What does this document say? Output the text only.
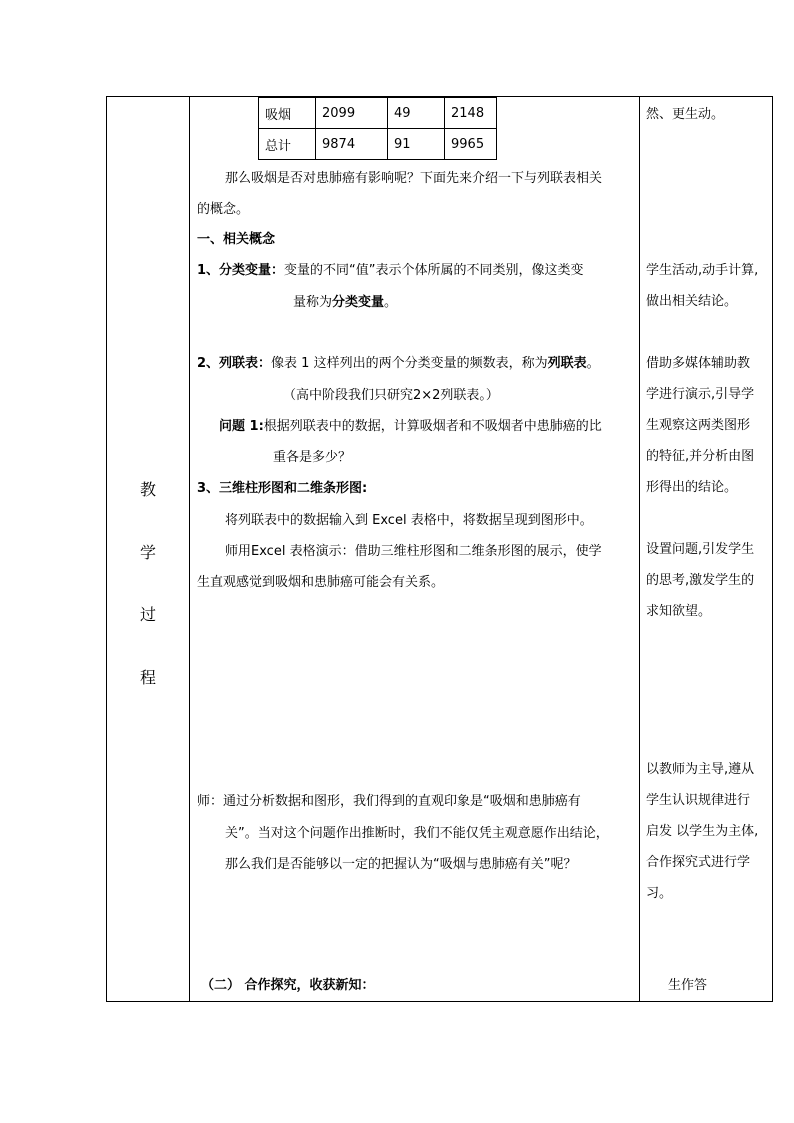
教
学
过
程
吸烟	2099	49	2148
总计	9874	91	9965
那么吸烟是否对患肺癌有影响呢？下面先来介绍一下与列联表相关
的概念。
一、相关概念
1、分类变量：变量的不同“值”表示个体所属的不同类别，像这类变
量称为分类变量。
2、列联表：像表 1 这样列出的两个分类变量的频数表，称为列联表。
（高中阶段我们只研究2×2列联表。）
问题 1:根据列联表中的数据，计算吸烟者和不吸烟者中患肺癌的比
重各是多少？
3、三维柱形图和二维条形图:
将列联表中的数据输入到 Excel 表格中，将数据呈现到图形中。
师用Excel 表格演示：借助三维柱形图和二维条形图的展示，使学
生直观感觉到吸烟和患肺癌可能会有关系。
师：通过分析数据和图形，我们得到的直观印象是“吸烟和患肺癌有
关”。当对这个问题作出推断时，我们不能仅凭主观意愿作出结论，
那么我们是否能够以一定的把握认为“吸烟与患肺癌有关”呢？
（二） 合作探究，收获新知：
然、更生动。
学生活动,动手计算,
做出相关结论。
借助多媒体辅助教
学进行演示,引导学
生观察这两类图形
的特征,并分析由图
形得出的结论。
设置问题,引发学生
的思考,激发学生的
求知欲望。
以教师为主导,遵从
学生认识规律进行
启发 以学生为主体,
合作探究式进行学
习。
生作答
